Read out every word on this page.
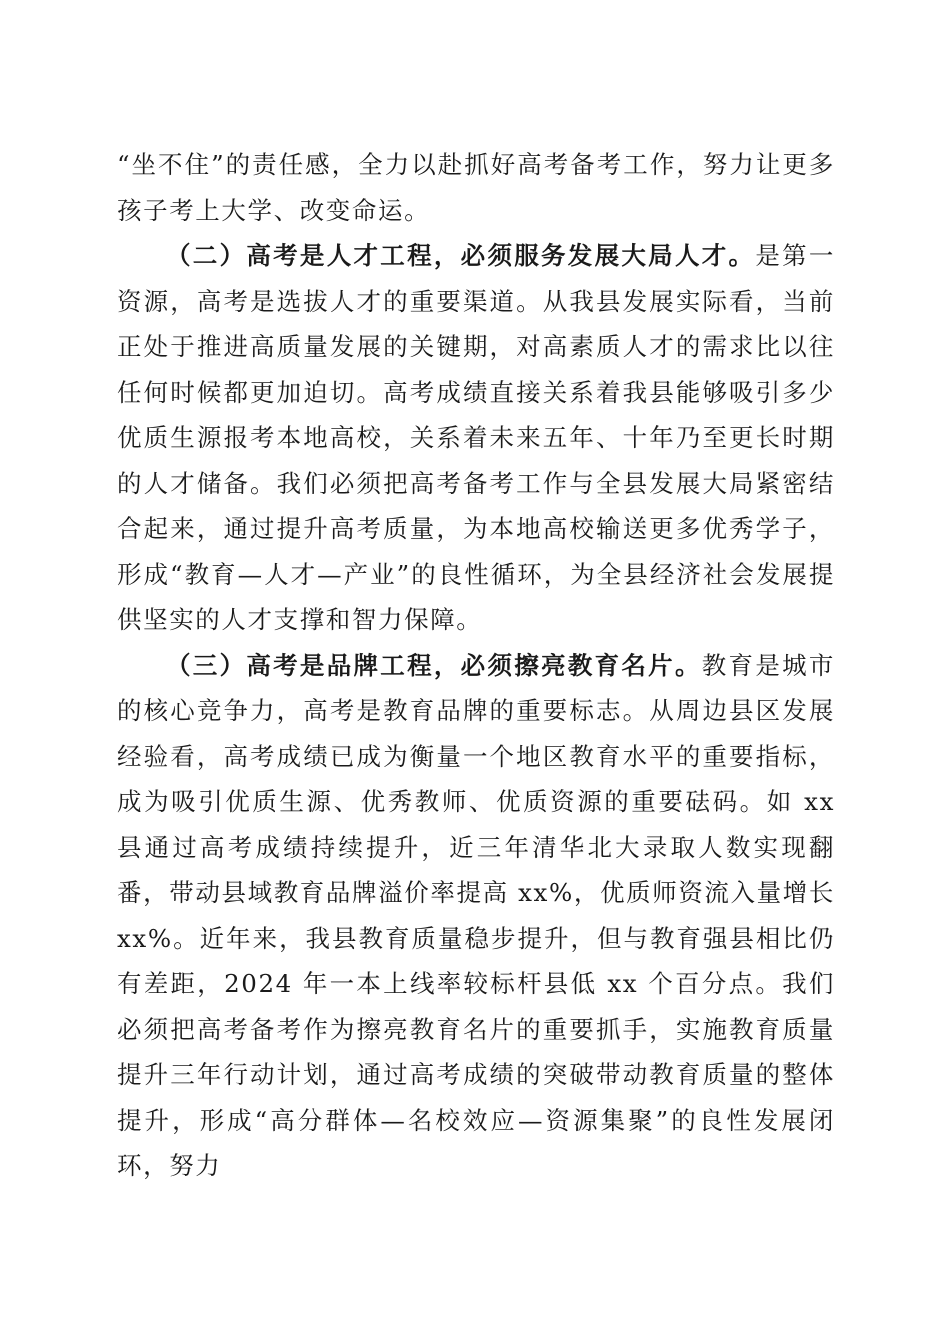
“坐不住”的责任感，全力以赴抓好高考备考工作，努力让更多孩子考上大学、改变命运。

（二）高考是人才工程，必须服务发展大局人才。是第一资源，高考是选拔人才的重要渠道。从我县发展实际看，当前正处于推进高质量发展的关键期，对高素质人才的需求比以往任何时候都更加迫切。高考成绩直接关系着我县能够吸引多少优质生源报考本地高校，关系着未来五年、十年乃至更长时期的人才储备。我们必须把高考备考工作与全县发展大局紧密结合起来，通过提升高考质量，为本地高校输送更多优秀学子，形成“教育—人才—产业”的良性循环，为全县经济社会发展提供坚实的人才支撑和智力保障。

（三）高考是品牌工程，必须擦亮教育名片。教育是城市的核心竞争力，高考是教育品牌的重要标志。从周边县区发展经验看，高考成绩已成为衡量一个地区教育水平的重要指标，成为吸引优质生源、优秀教师、优质资源的重要砝码。如 xx 县通过高考成绩持续提升，近三年清华北大录取人数实现翻番，带动县域教育品牌溢价率提高 xx%，优质师资流入量增长 xx%。近年来，我县教育质量稳步提升，但与教育强县相比仍有差距，2024 年一本上线率较标杆县低 xx 个百分点。我们必须把高考备考作为擦亮教育名片的重要抓手，实施教育质量提升三年行动计划，通过高考成绩的突破带动教育质量的整体提升，形成“高分群体—名校效应—资源集聚”的良性发展闭环，努力
